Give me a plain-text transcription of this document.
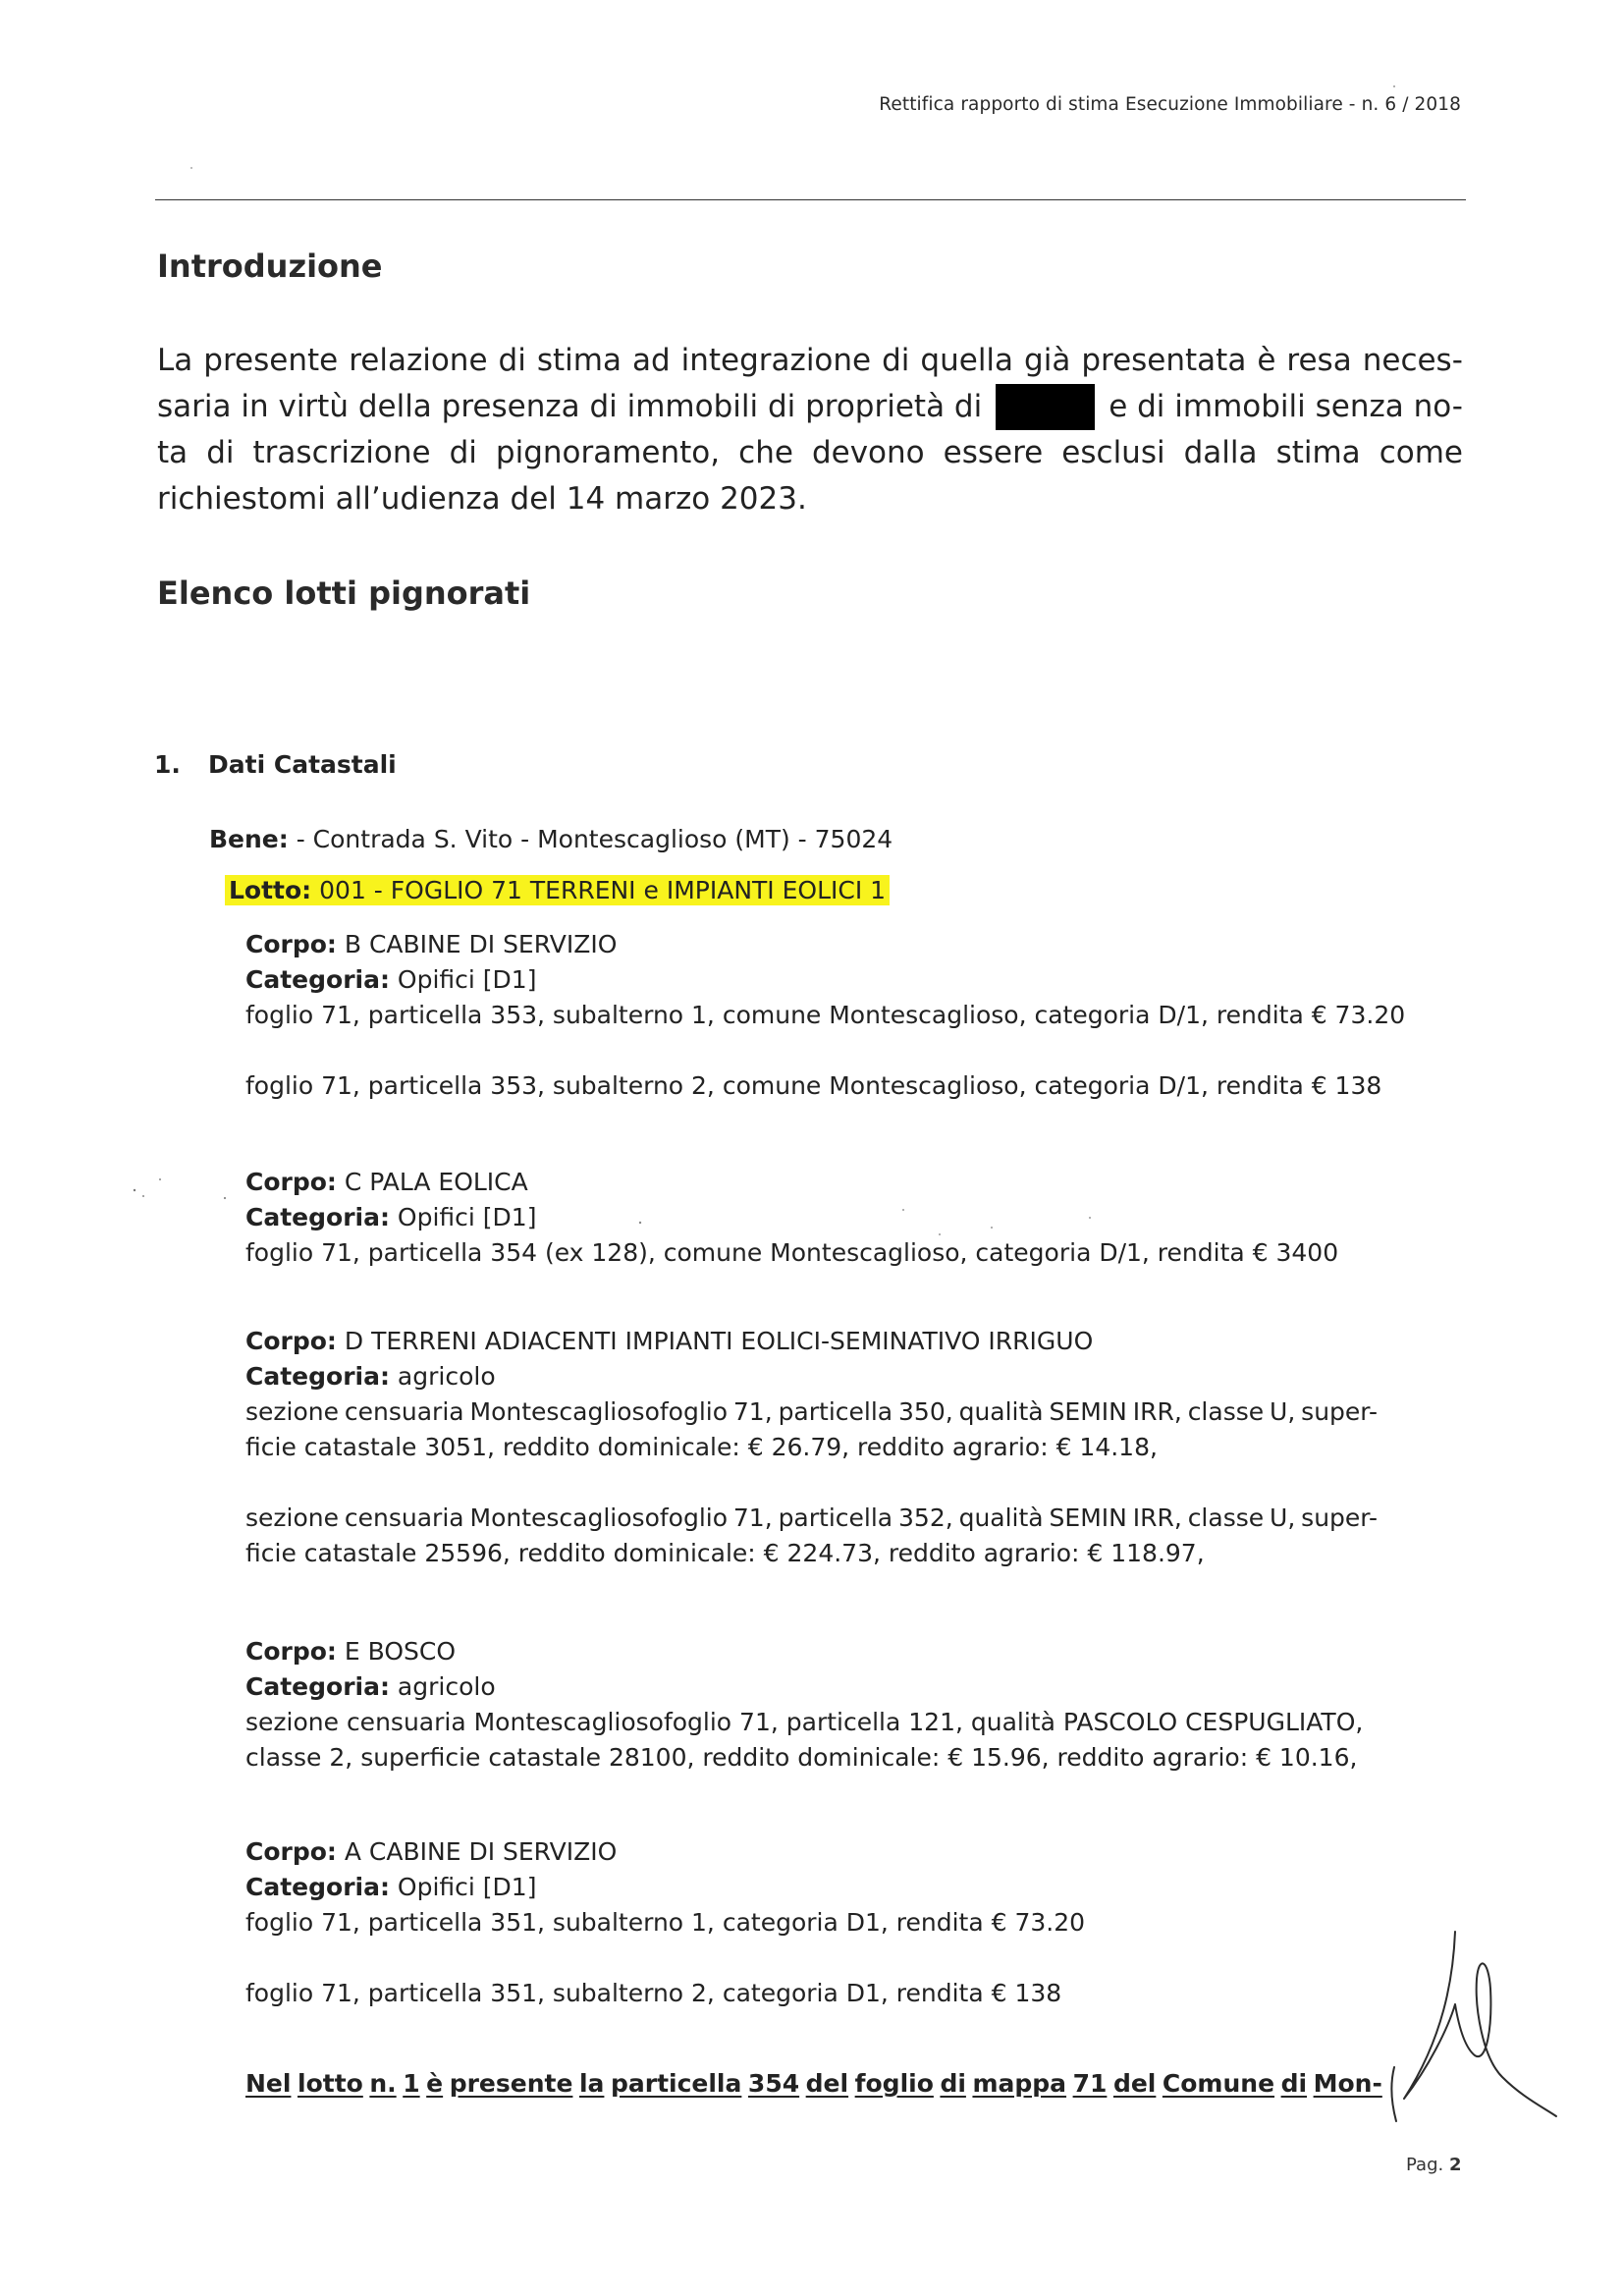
Rettifica rapporto di stima Esecuzione Immobiliare - n. 6 / 2018
Introduzione
La presente relazione di stima ad integrazione di quella già presentata è resa neces-
saria in virtù della presenza di immobili di proprietà di	e di immobili senza no-
ta di trascrizione di pignoramento, che devono essere esclusi dalla stima come
richiestomi all’udienza del 14 marzo 2023.
Elenco lotti pignorati
1. Dati Catastali
Bene: - Contrada S. Vito - Montescaglioso (MT) - 75024
Lotto: 001 - FOGLIO 71 TERRENI e IMPIANTI EOLICI 1
Corpo: B CABINE DI SERVIZIO
Categoria: Opifici [D1]
foglio 71, particella 353, subalterno 1, comune Montescaglioso, categoria D/1, rendita € 73.20
foglio 71, particella 353, subalterno 2, comune Montescaglioso, categoria D/1, rendita € 138
Corpo: C PALA EOLICA
Categoria: Opifici [D1]
foglio 71, particella 354 (ex 128), comune Montescaglioso, categoria D/1, rendita € 3400
Corpo: D TERRENI ADIACENTI IMPIANTI EOLICI-SEMINATIVO IRRIGUO
Categoria: agricolo
sezione censuaria Montescagliosofoglio 71, particella 350, qualità SEMIN IRR, classe U, super-
ficie catastale 3051, reddito dominicale: € 26.79, reddito agrario: € 14.18,
sezione censuaria Montescagliosofoglio 71, particella 352, qualità SEMIN IRR, classe U, super-
ficie catastale 25596, reddito dominicale: € 224.73, reddito agrario: € 118.97,
Corpo: E BOSCO
Categoria: agricolo
sezione censuaria Montescagliosofoglio 71, particella 121, qualità PASCOLO CESPUGLIATO,
classe 2, superficie catastale 28100, reddito dominicale: € 15.96, reddito agrario: € 10.16,
Corpo: A CABINE DI SERVIZIO
Categoria: Opifici [D1]
foglio 71, particella 351, subalterno 1, categoria D1, rendita € 73.20
foglio 71, particella 351, subalterno 2, categoria D1, rendita € 138
Nel lotto n. 1 è presente la particella 354 del foglio di mappa 71 del Comune di Mon-
Pag. 2
